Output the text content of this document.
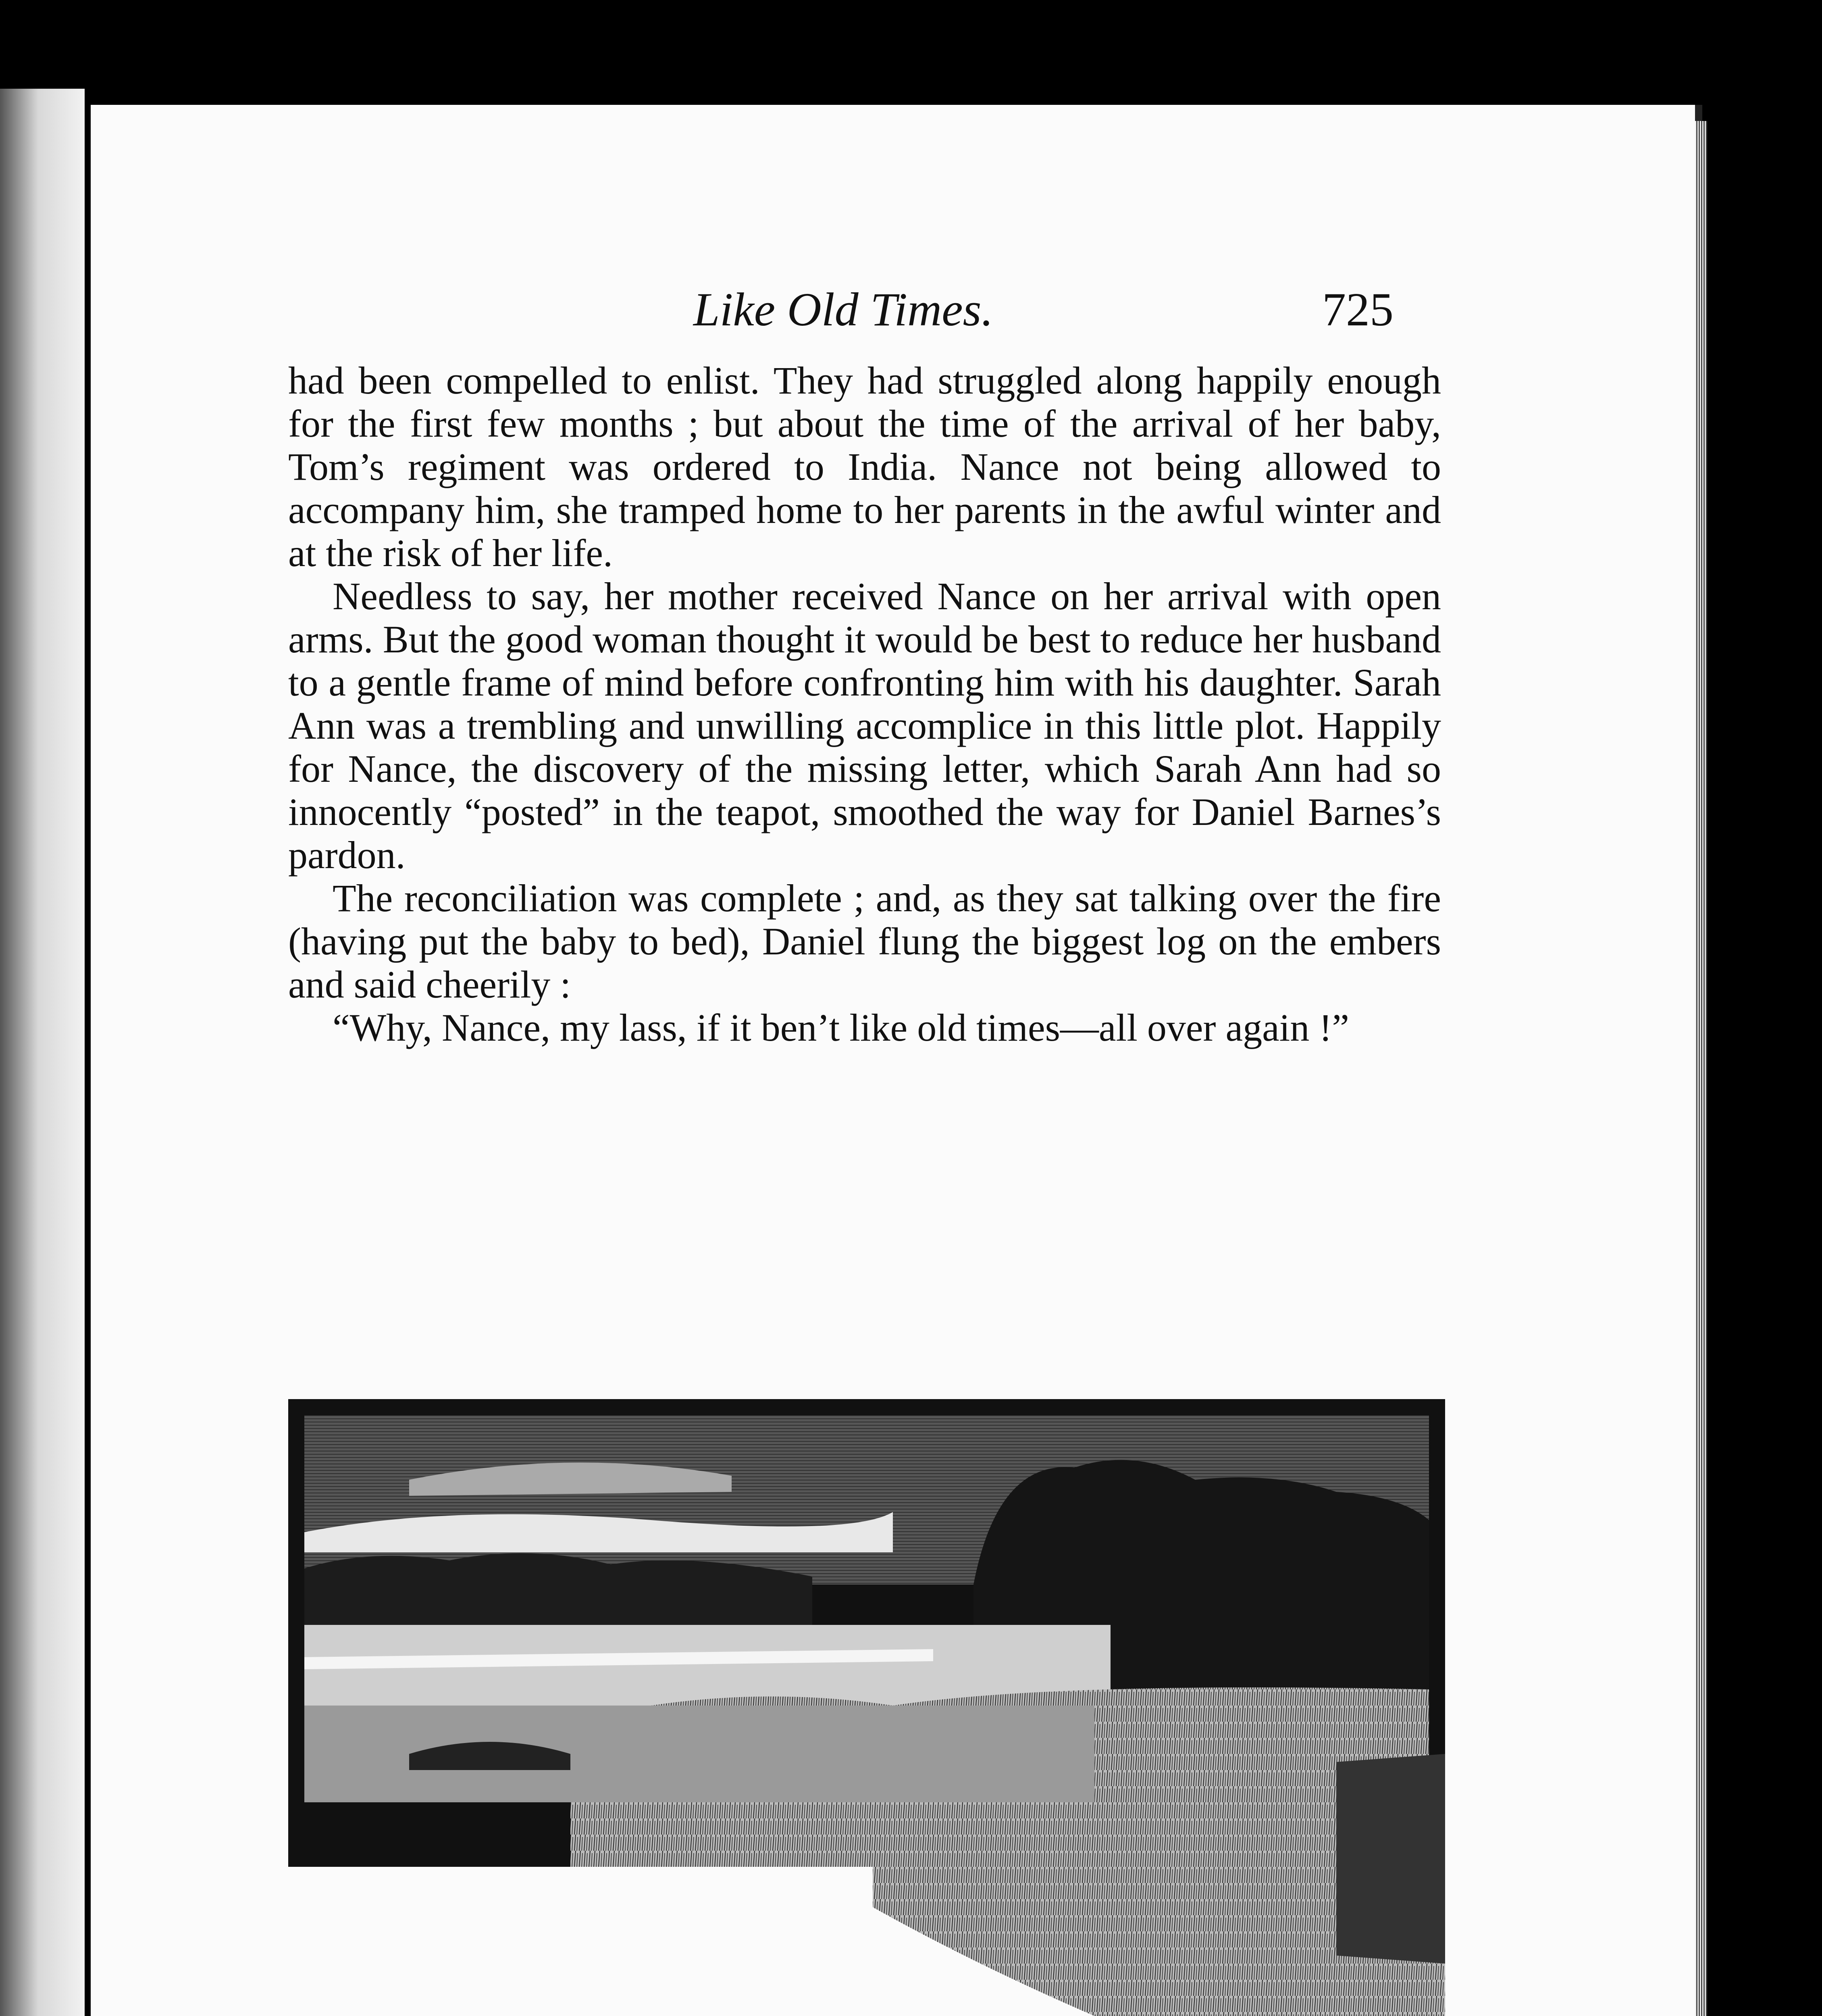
Like Old Times.	725

had been compelled to enlist. They had struggled along happily enough for the first few months ; but about the time of the arrival of her baby, Tom’s regiment was ordered to India. Nance not being allowed to accompany him, she tramped home to her parents in the awful winter and at the risk of her life.

Needless to say, her mother received Nance on her arrival with open arms. But the good woman thought it would be best to reduce her husband to a gentle frame of mind before confronting him with his daughter. Sarah Ann was a trembling and unwilling accomplice in this little plot. Happily for Nance, the discovery of the missing letter, which Sarah Ann had so innocently “posted” in the teapot, smoothed the way for Daniel Barnes’s pardon.

The reconciliation was complete ; and, as they sat talking over the fire (having put the baby to bed), Daniel flung the biggest log on the embers and said cheerily :

“Why, Nance, my lass, if it ben’t like old times—all over again !”
